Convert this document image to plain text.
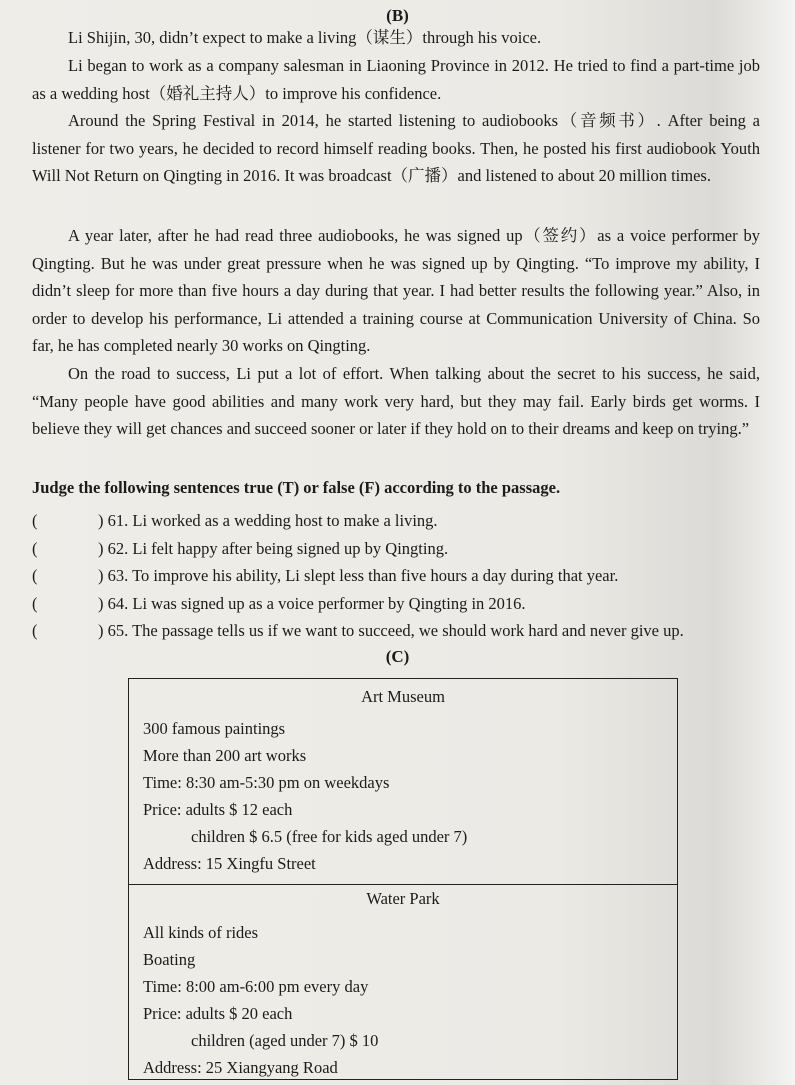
(B)
Li Shijin, 30, didn’t expect to make a living（谋生）through his voice.
Li began to work as a company salesman in Liaoning Province in 2012. He tried to find a part-time job as a wedding host（婚礼主持人）to improve his confidence.
Around the Spring Festival in 2014, he started listening to audiobooks（音频书）. After being a listener for two years, he decided to record himself reading books. Then, he posted his first audiobook Youth Will Not Return on Qingting in 2016. It was broadcast（广播）and listened to about 20 million times.
A year later, after he had read three audiobooks, he was signed up（签约）as a voice performer by Qingting. But he was under great pressure when he was signed up by Qingting. “To improve my ability, I didn’t sleep for more than five hours a day during that year. I had better results the following year.” Also, in order to develop his performance, Li attended a training course at Communication University of China. So far, he has completed nearly 30 works on Qingting.
On the road to success, Li put a lot of effort. When talking about the secret to his success, he said, “Many people have good abilities and many work very hard, but they may fail. Early birds get worms. I believe they will get chances and succeed sooner or later if they hold on to their dreams and keep on trying.”
Judge the following sentences true (T) or false (F) according to the passage.
(	) 61. Li worked as a wedding host to make a living.
(	) 62. Li felt happy after being signed up by Qingting.
(	) 63. To improve his ability, Li slept less than five hours a day during that year.
(	) 64. Li was signed up as a voice performer by Qingting in 2016.
(	) 65. The passage tells us if we want to succeed, we should work hard and never give up.
(C)
Art Museum
300 famous paintings
More than 200 art works
Time: 8:30 am-5:30 pm on weekdays
Price: adults $ 12 each
children $ 6.5 (free for kids aged under 7)
Address: 15 Xingfu Street
Water Park
All kinds of rides
Boating
Time: 8:00 am-6:00 pm every day
Price: adults $ 20 each
children (aged under 7) $ 10
Address: 25 Xiangyang Road
